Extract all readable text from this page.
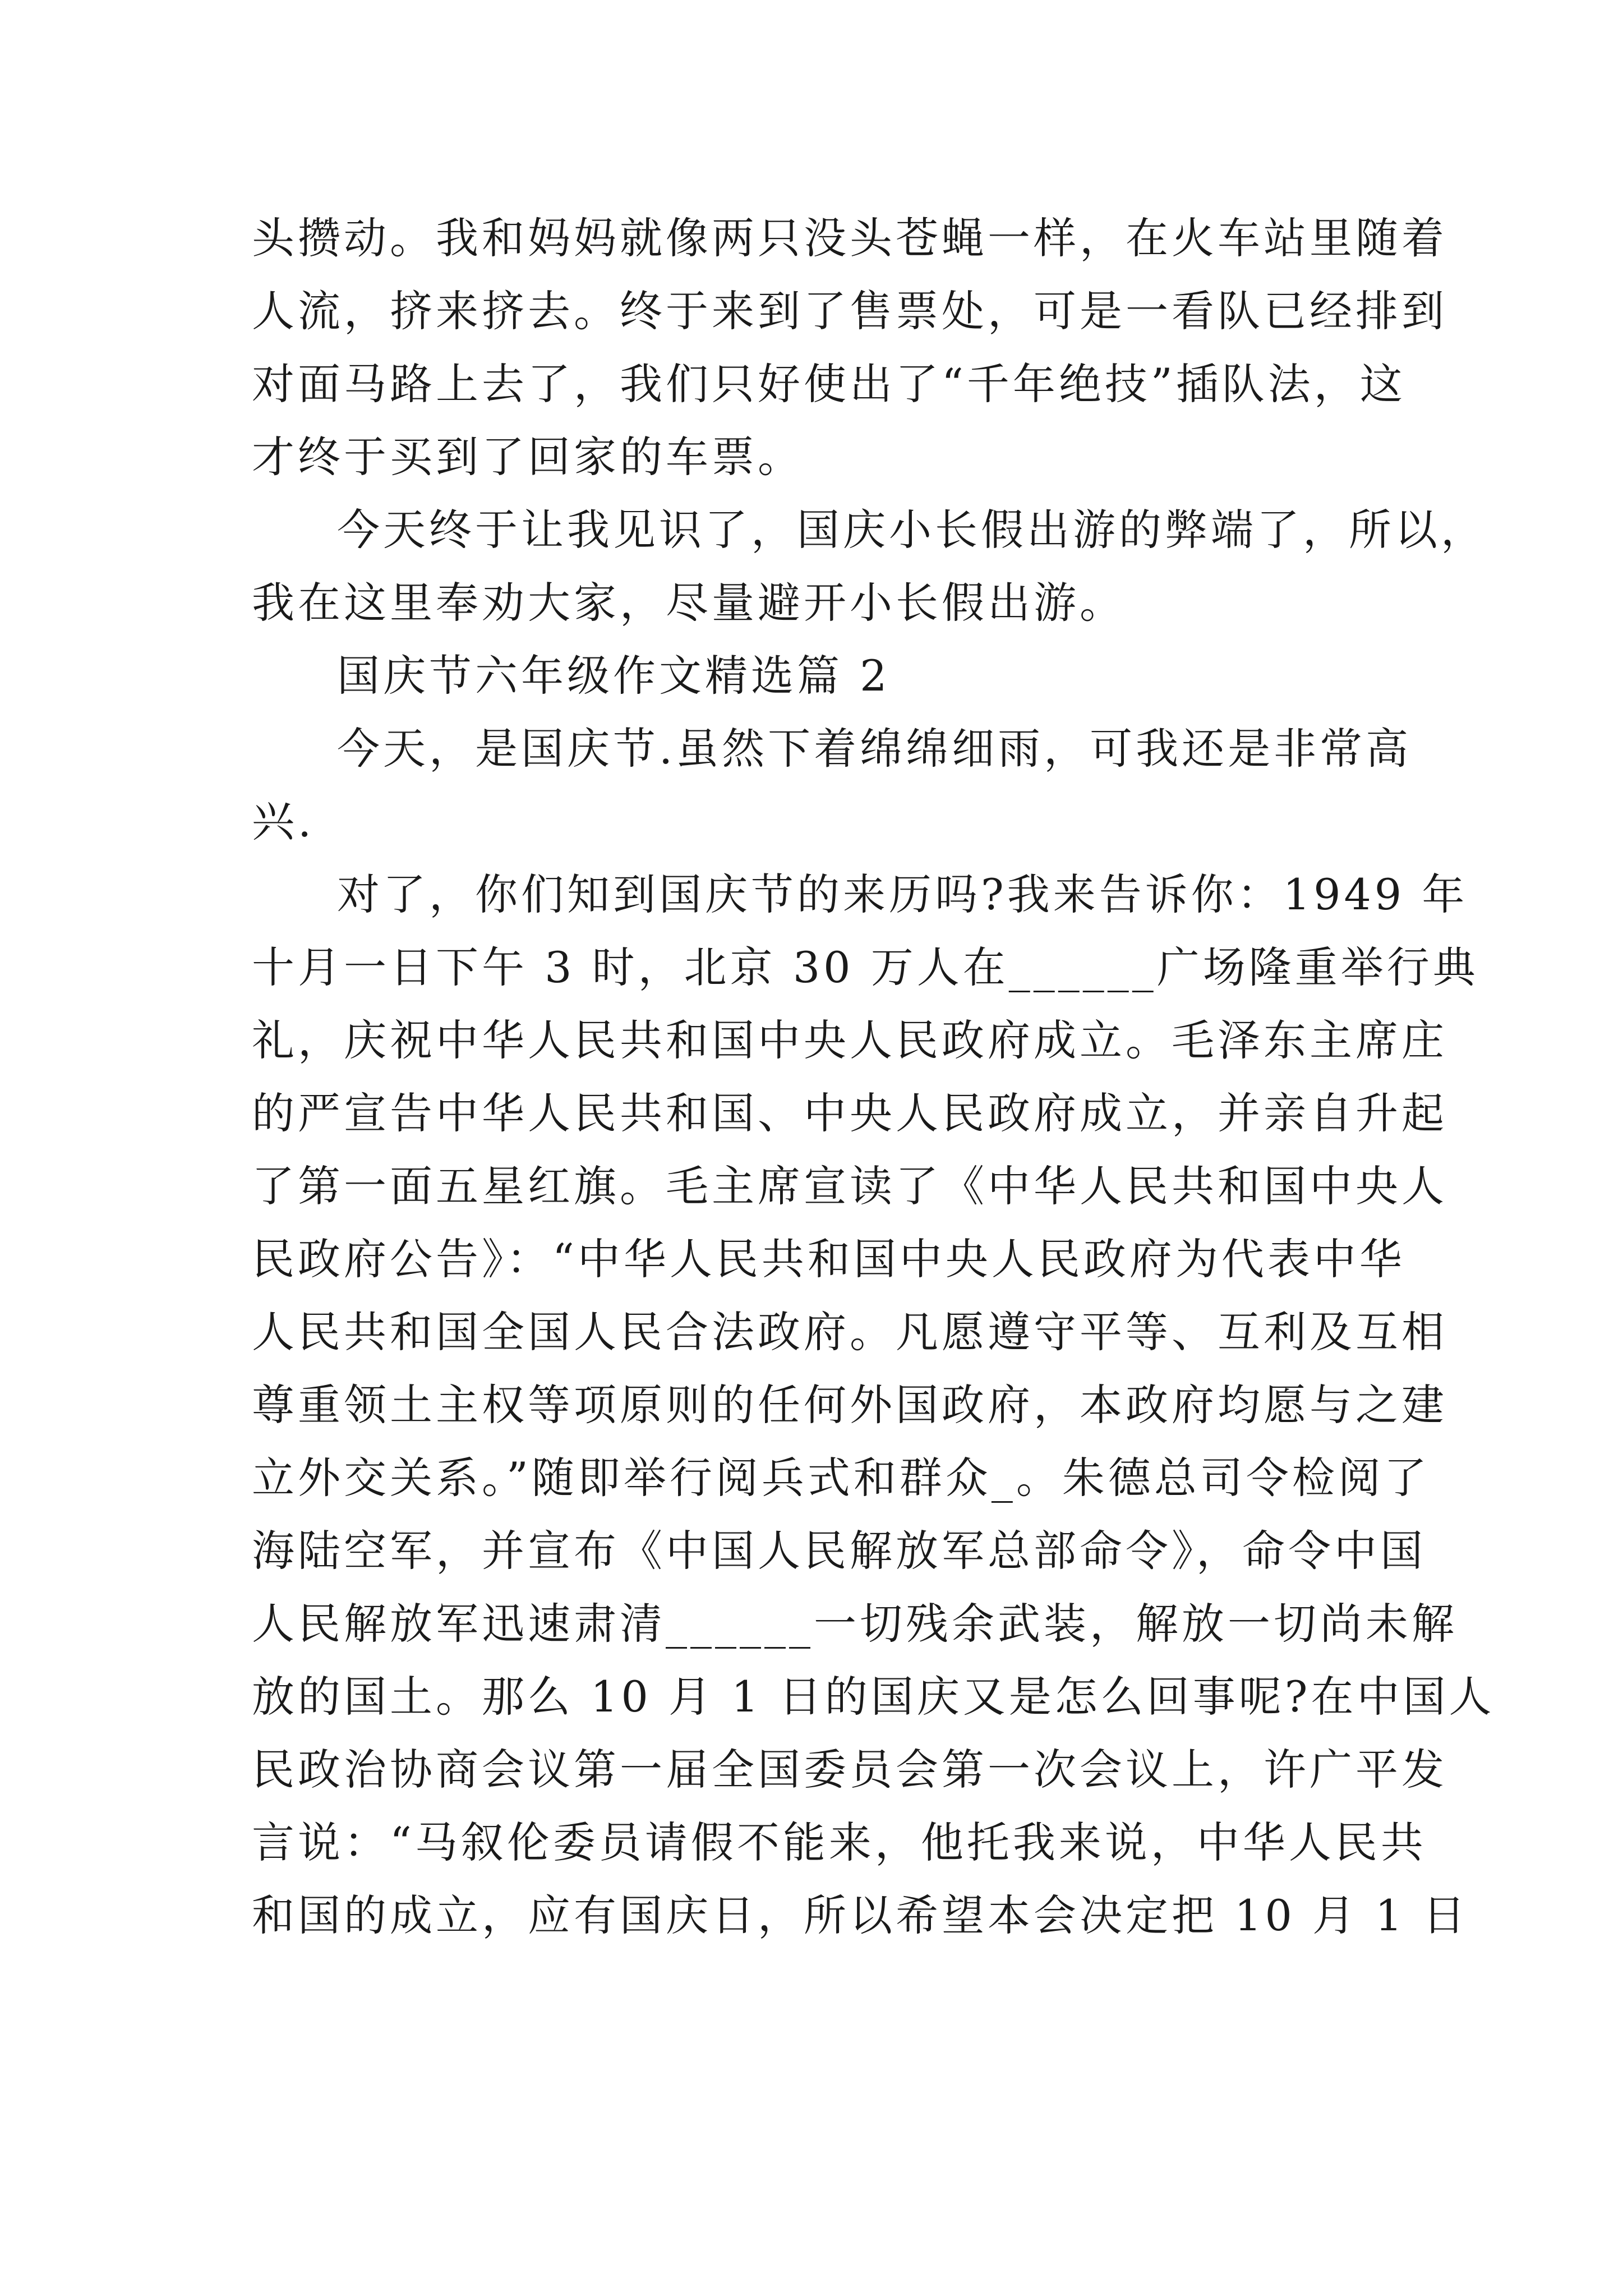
头攒动。我和妈妈就像两只没头苍蝇一样，在火车站里随着
人流，挤来挤去。终于来到了售票处，可是一看队已经排到
对面马路上去了，我们只好使出了“千年绝技”插队法，这
才终于买到了回家的车票。
今天终于让我见识了，国庆小长假出游的弊端了，所以，
我在这里奉劝大家，尽量避开小长假出游。
国庆节六年级作文精选篇 2
今天，是国庆节.虽然下着绵绵细雨，可我还是非常高
兴.
对了，你们知到国庆节的来历吗?我来告诉你：1949 年
十月一日下午 3 时，北京 30 万人在______广场隆重举行典
礼，庆祝中华人民共和国中央人民政府成立。毛泽东主席庄
的严宣告中华人民共和国、中央人民政府成立，并亲自升起
了第一面五星红旗。毛主席宣读了《中华人民共和国中央人
民政府公告》：“中华人民共和国中央人民政府为代表中华
人民共和国全国人民合法政府。凡愿遵守平等、互利及互相
尊重领土主权等项原则的任何外国政府，本政府均愿与之建
立外交关系。”随即举行阅兵式和群众_。朱德总司令检阅了
海陆空军，并宣布《中国人民解放军总部命令》，命令中国
人民解放军迅速肃清______一切残余武装，解放一切尚未解
放的国土。那么 10 月 1 日的国庆又是怎么回事呢?在中国人
民政治协商会议第一届全国委员会第一次会议上，许广平发
言说：“马叙伦委员请假不能来，他托我来说，中华人民共
和国的成立，应有国庆日，所以希望本会决定把 10 月 1 日
